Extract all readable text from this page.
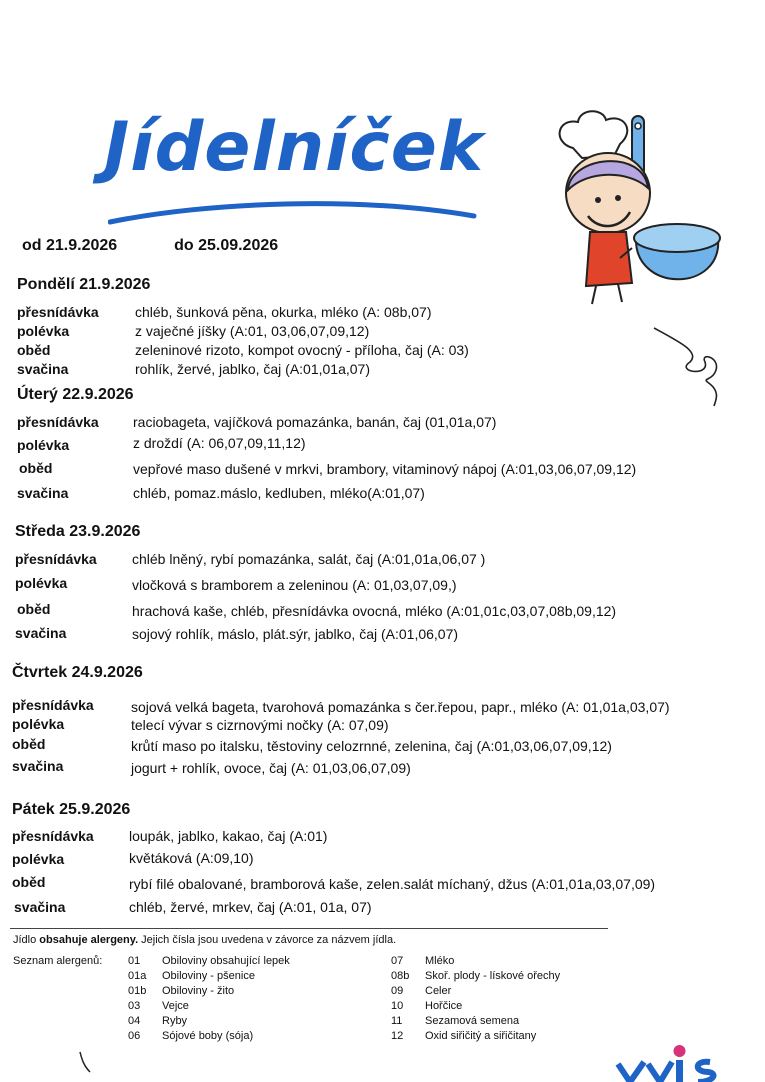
Jídelníček
od 21.9.2026	do 25.09.2026
Pondělí 21.9.2026
přesnídávka	chléb, šunková pěna, okurka, mléko (A: 08b,07)
polévka	z vaječné jíšky (A:01, 03,06,07,09,12)
oběd	zeleninové rizoto, kompot ovocný - příloha, čaj (A: 03)
svačina	rohlík, žervé, jablko, čaj (A:01,01a,07)
Úterý 22.9.2026
přesnídávka raciobageta, vajíčková pomazánka, banán, čaj (01,01a,07)
polévka	z droždí (A: 06,07,09,11,12)
oběd	vepřové maso dušené v mrkvi, brambory, vitaminový nápoj (A:01,03,06,07,09,12)
svačina	chléb, pomaz.máslo, kedluben, mléko(A:01,07)
Středa 23.9.2026
přesnídávka	chléb lněný, rybí pomazánka, salát, čaj (A:01,01a,06,07 )
polévka	vločková s bramborem a zeleninou (A: 01,03,07,09,)
oběd	hrachová kaše, chléb, přesnídávka ovocná, mléko (A:01,01c,03,07,08b,09,12)
svačina	sojový rohlík, máslo, plát.sýr, jablko, čaj (A:01,06,07)
Čtvrtek 24.9.2026
přesnídávka	sojová velká bageta, tvarohová pomazánka s čer.řepou, papr., mléko (A: 01,01a,03,07)
polévka	telecí vývar s cizrnovými nočky (A: 07,09)
oběd	krůtí maso po italsku, těstoviny celozrnné, zelenina, čaj (A:01,03,06,07,09,12)
svačina	jogurt + rohlík, ovoce, čaj (A: 01,03,06,07,09)
Pátek 25.9.2026
přesnídávka	loupák, jablko, kakao, čaj (A:01)
polévka	květáková (A:09,10)
oběd	rybí filé obalované, bramborová kaše, zelen.salát míchaný, džus (A:01,01a,03,07,09)
svačina	chléb, žervé, mrkev, čaj (A:01, 01a, 07)
Jídlo obsahuje alergeny. Jejich čísla jsou uvedena v závorce za názvem jídla.
Seznam alergenů: 01 Obiloviny obsahující lepek
01a Obiloviny - pšenice
01b Obiloviny - žito
03 Vejce
04 Ryby
06 Sójové boby (sója)
07 Mléko
08b Skoř. plody - lískové ořechy
09 Celer
10 Hořčice
11 Sezamová semena
12 Oxid siřičitý a siřičitany
